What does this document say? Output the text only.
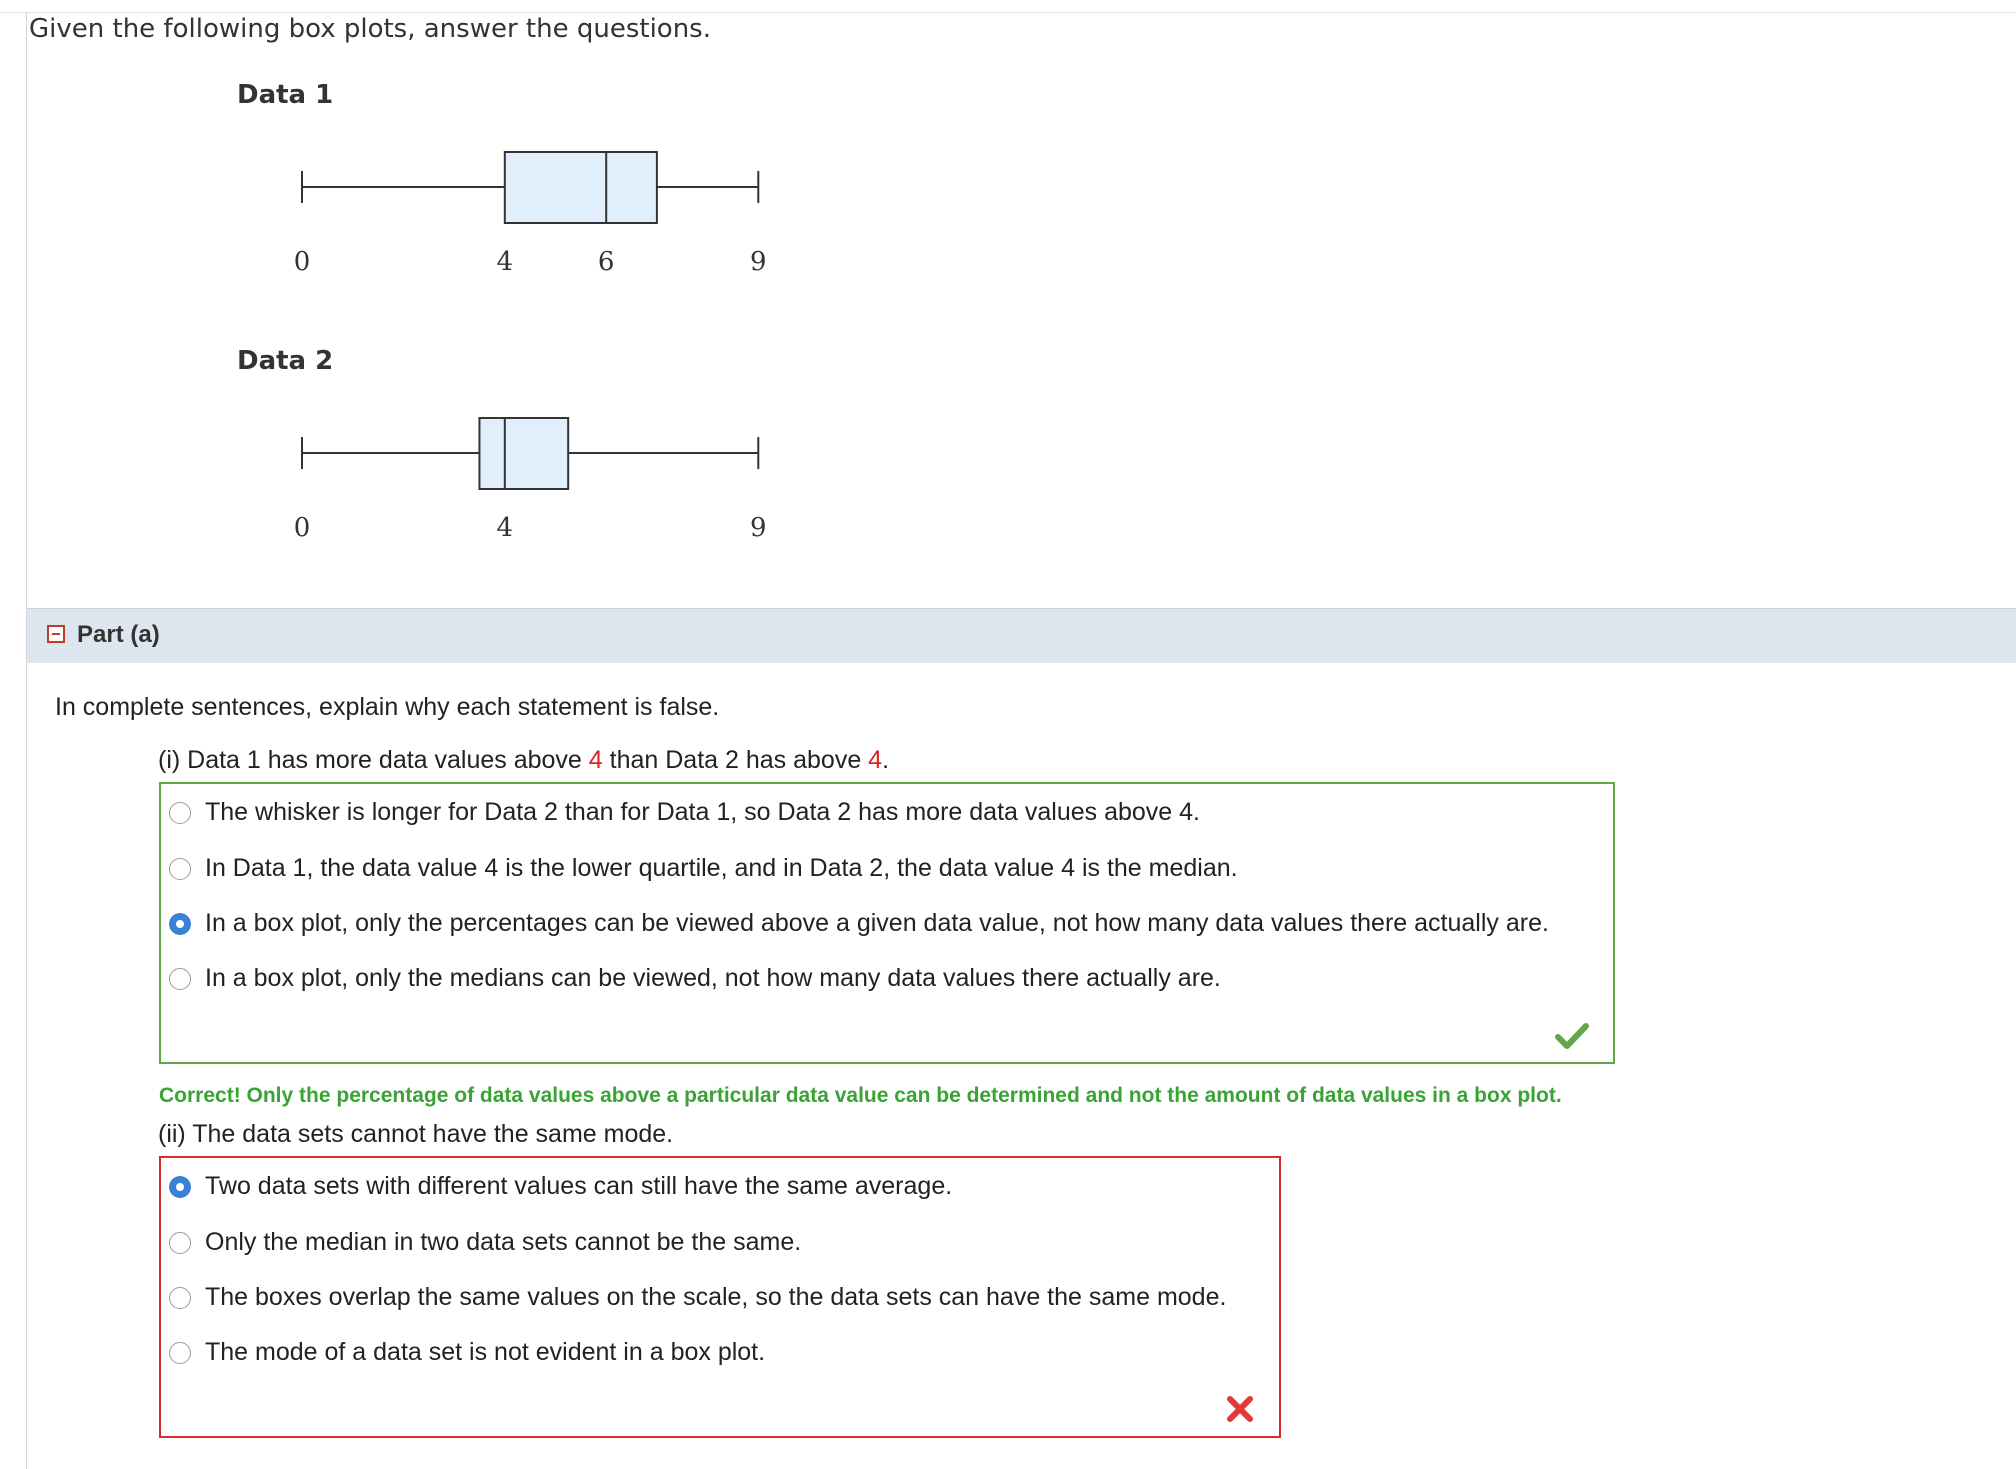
Given the following box plots, answer the questions.
Data 1
0	4	6	9
Data 2
0	4	9
Part (a)
In complete sentences, explain why each statement is false.
(i) Data 1 has more data values above 4 than Data 2 has above 4.
The whisker is longer for Data 2 than for Data 1, so Data 2 has more data values above 4.
In Data 1, the data value 4 is the lower quartile, and in Data 2, the data value 4 is the median.
In a box plot, only the percentages can be viewed above a given data value, not how many data values there actually are.
In a box plot, only the medians can be viewed, not how many data values there actually are.
Correct! Only the percentage of data values above a particular data value can be determined and not the amount of data values in a box plot.
(ii) The data sets cannot have the same mode.
Two data sets with different values can still have the same average.
Only the median in two data sets cannot be the same.
The boxes overlap the same values on the scale, so the data sets can have the same mode.
The mode of a data set is not evident in a box plot.
